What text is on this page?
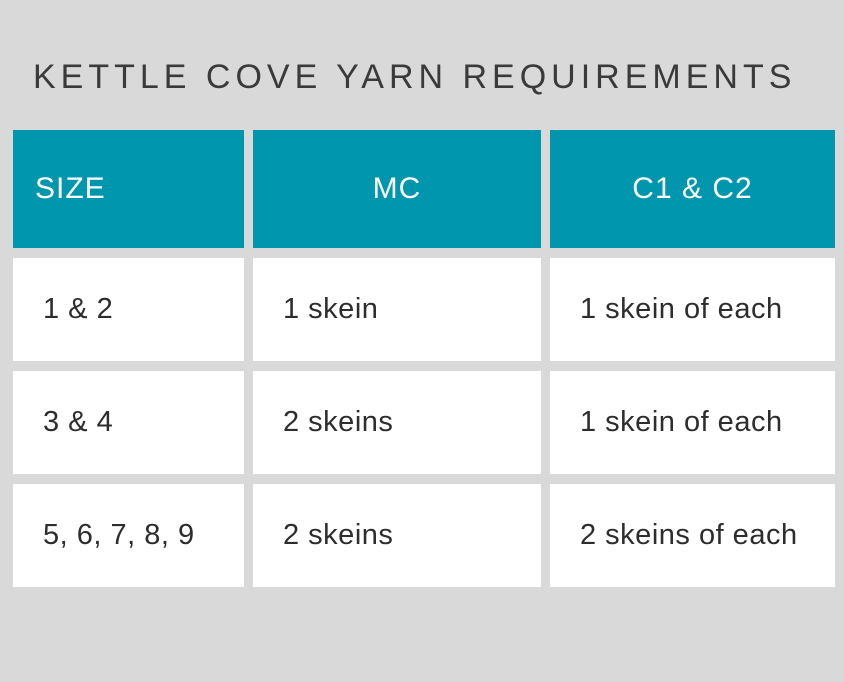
KETTLE COVE YARN REQUIREMENTS
SIZE	MC	C1 & C2
1 & 2	1 skein	1 skein of each
3 & 4	2 skeins	1 skein of each
5, 6, 7, 8, 9	2 skeins	2 skeins of each
